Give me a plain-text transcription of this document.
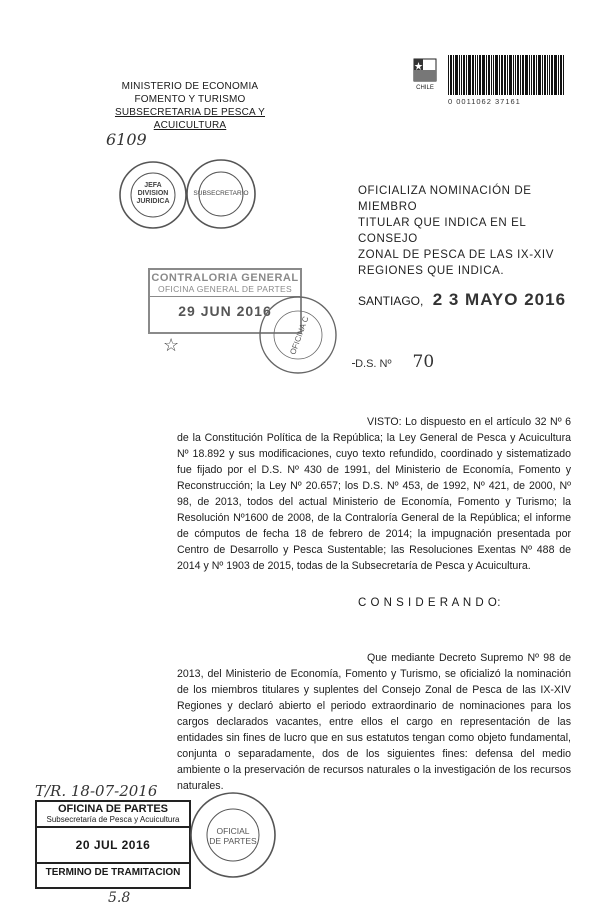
MINISTERIO DE ECONOMIA
FOMENTO Y TURISMO
SUBSECRETARIA DE PESCA Y ACUICULTURA
6109
JEFA
DIVISION
JURIDICA
SUBSECRETARIO
CHILE
0 0011062 37161
OFICIALIZA NOMINACIÓN DE MIEMBRO
TITULAR QUE INDICA EN EL CONSEJO
ZONAL DE PESCA DE LAS IX-XIV
REGIONES QUE INDICA.
CONTRALORIA GENERAL
OFICINA GENERAL DE PARTES
29 JUN 2016
OFICINA C
☆
SANTIAGO, 2 3 MAYO 2016
D.S. Nº 70
VISTO: Lo dispuesto en el artículo 32 Nº 6 de la Constitución Política de la República; la Ley General de Pesca y Acuicultura Nº 18.892 y sus modificaciones, cuyo texto refundido, coordinado y sistematizado fue fijado por el D.S. Nº 430 de 1991, del Ministerio de Economía, Fomento y Reconstrucción; la Ley Nº 20.657; los D.S. Nº 453, de 1992, Nº 421, de 2000, Nº 98, de 2013, todos del actual Ministerio de Economía, Fomento y Turismo; la Resolución Nº1600 de 2008, de la Contraloría General de la República; el informe de cómputos de fecha 18 de febrero de 2014; la impugnación presentada por Centro de Desarrollo y Pesca Sustentable; las Resoluciones Exentas Nº 488 de 2014 y Nº 1903 de 2015, todas de la Subsecretaría de Pesca y Acuicultura.
C O N S I D E R A N D O:
Que mediante Decreto Supremo Nº 98 de 2013, del Ministerio de Economía, Fomento y Turismo, se oficializó la nominación de los miembros titulares y suplentes del Consejo Zonal de Pesca de las IX-XIV Regiones y declaró abierto el periodo extraordinario de nominaciones para los cargos declarados vacantes, entre ellos el cargo en representación de las entidades sin fines de lucro que en sus estatutos tengan como objeto fundamental, conjunta o separadamente, dos de los siguientes fines: defensa del medio ambiente o la preservación de recursos naturales o la investigación de los recursos naturales.
T/R. 18-07-2016
OFICINA DE PARTES
Subsecretaría de Pesca y Acuicultura
20 JUL 2016
TERMINO DE TRAMITACION
OFICIAL
DE PARTES
5.8
